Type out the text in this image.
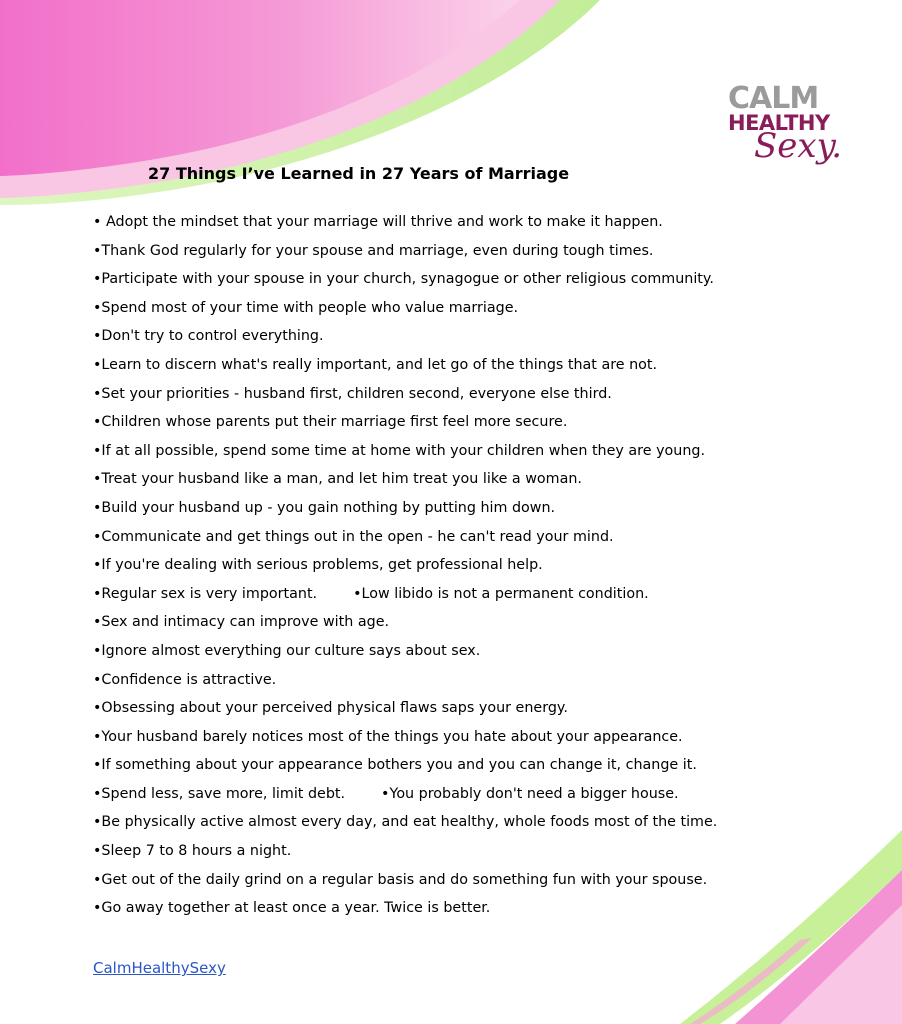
CALM

HEALTHY

Sexy.

27 Things I’ve Learned in 27 Years of Marriage
• Adopt the mindset that your marriage will thrive and work to make it happen.
•Thank God regularly for your spouse and marriage, even during tough times.
•Participate with your spouse in your church, synagogue or other religious community.
•Spend most of your time with people who value marriage.
•Don't try to control everything.
•Learn to discern what's really important, and let go of the things that are not.
•Set your priorities - husband first, children second, everyone else third.
•Children whose parents put their marriage first feel more secure.
•If at all possible, spend some time at home with your children when they are young.
•Treat your husband like a man, and let him treat you like a woman.
•Build your husband up - you gain nothing by putting him down.
•Communicate and get things out in the open - he can't read your mind.
•If you're dealing with serious problems, get professional help.
•Regular sex is very important.	•Low libido is not a permanent condition.
•Sex and intimacy can improve with age.
•Ignore almost everything our culture says about sex.
•Confidence is attractive.
•Obsessing about your perceived physical flaws saps your energy.
•Your husband barely notices most of the things you hate about your appearance.
•If something about your appearance bothers you and you can change it, change it.
•Spend less, save more, limit debt.	•You probably don't need a bigger house.
•Be physically active almost every day, and eat healthy, whole foods most of the time.
•Sleep 7 to 8 hours a night.
•Get out of the daily grind on a regular basis and do something fun with your spouse.
•Go away together at least once a year. Twice is better.
CalmHealthySexy
